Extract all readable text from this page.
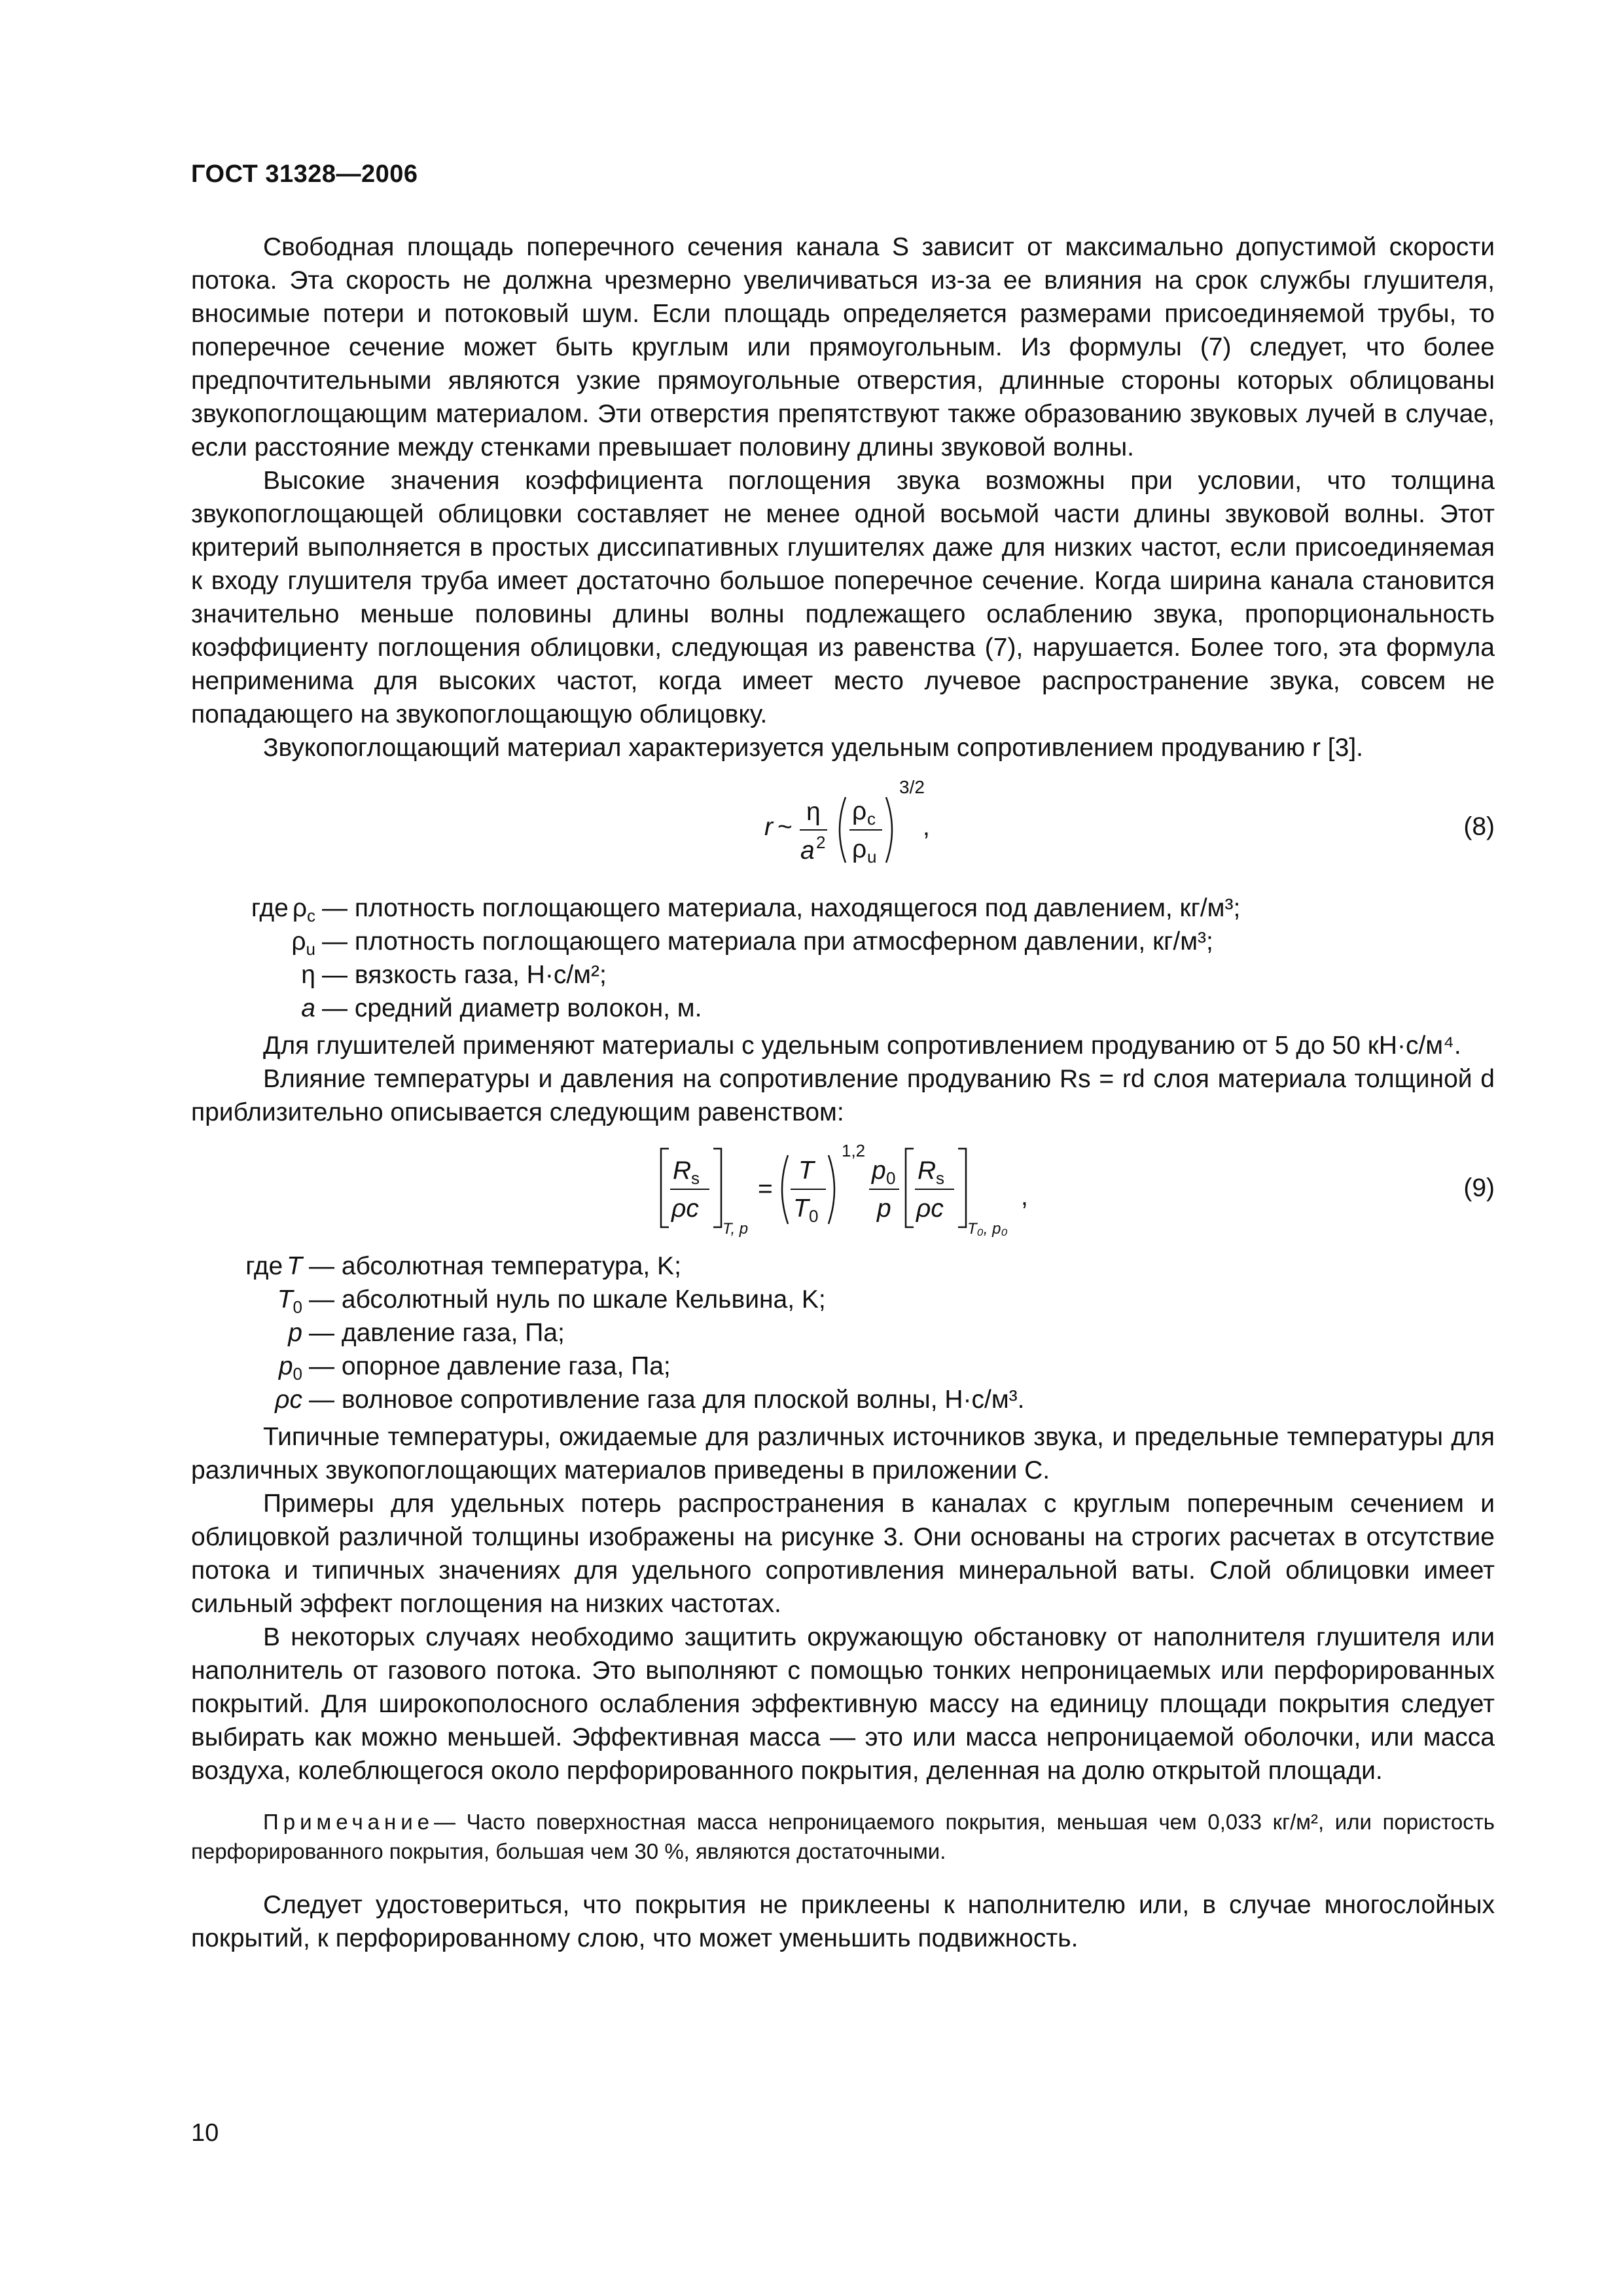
ГОСТ 31328—2006

Свободная площадь поперечного сечения канала S зависит от максимально допустимой скорости потока. Эта скорость не должна чрезмерно увеличиваться из-за ее влияния на срок службы глушителя, вносимые потери и потоковый шум. Если площадь определяется размерами присоединяемой трубы, то поперечное сечение может быть круглым или прямоугольным. Из формулы (7) следует, что более предпочтительными являются узкие прямоугольные отверстия, длинные стороны которых облицованы звукопоглощающим материалом. Эти отверстия препятствуют также образованию звуковых лучей в случае, если расстояние между стенками превышает половину длины звуковой волны.

Высокие значения коэффициента поглощения звука возможны при условии, что толщина звукопоглощающей облицовки составляет не менее одной восьмой части длины звуковой волны. Этот критерий выполняется в простых диссипативных глушителях даже для низких частот, если присоединяемая к входу глушителя труба имеет достаточно большое поперечное сечение. Когда ширина канала становится значительно меньше половины длины волны подлежащего ослаблению звука, пропорциональность коэффициенту поглощения облицовки, следующая из равенства (7), нарушается. Более того, эта формула неприменима для высоких частот, когда имеет место лучевое распространение звука, совсем не попадающего на звукопоглощающую облицовку.

Звукопоглощающий материал характеризуется удельным сопротивлением продуванию r [3].

r ~
η
a 2
ρ c
ρ u
3/2
,	(8)
где $\rho_c$ — плотность поглощающего материала, находящегося под давлением, кг/м³;
$\rho_u$ — плотность поглощающего материала при атмосферном давлении, кг/м³;
η — вязкость газа, Н·с/м²;
a — средний диаметр волокон, м.

Для глушителей применяют материалы с удельным сопротивлением продуванию от 5 до 50 кН·с/м⁴.

Влияние температуры и давления на сопротивление продуванию Rs = rd слоя материала толщиной d приблизительно описывается следующим равенством:

R s
ρc
T, p
=
T
T 0
1,2
p 0
p
R s
ρc
T₀, p₀
,	(9)
где T — абсолютная температура, K;
$T_0$ — абсолютный нуль по шкале Кельвина, K;
p — давление газа, Па;
$p_0$ — опорное давление газа, Па;
ρc — волновое сопротивление газа для плоской волны, Н·с/м³.

Типичные температуры, ожидаемые для различных источников звука, и предельные температуры для различных звукопоглощающих материалов приведены в приложении С.

Примеры для удельных потерь распространения в каналах с круглым поперечным сечением и облицовкой различной толщины изображены на рисунке 3. Они основаны на строгих расчетах в отсутствие потока и типичных значениях для удельного сопротивления минеральной ваты. Слой облицовки имеет сильный эффект поглощения на низких частотах.

В некоторых случаях необходимо защитить окружающую обстановку от наполнителя глушителя или наполнитель от газового потока. Это выполняют с помощью тонких непроницаемых или перфорированных покрытий. Для широкополосного ослабления эффективную массу на единицу площади покрытия следует выбирать как можно меньшей. Эффективная масса — это или масса непроницаемой оболочки, или масса воздуха, колеблющегося около перфорированного покрытия, деленная на долю открытой площади.

Примечание— Часто поверхностная масса непроницаемого покрытия, меньшая чем 0,033 кг/м², или пористость перфорированного покрытия, большая чем 30 %, являются достаточными.

Следует удостовериться, что покрытия не приклеены к наполнителю или, в случае многослойных покрытий, к перфорированному слою, что может уменьшить подвижность.

10
